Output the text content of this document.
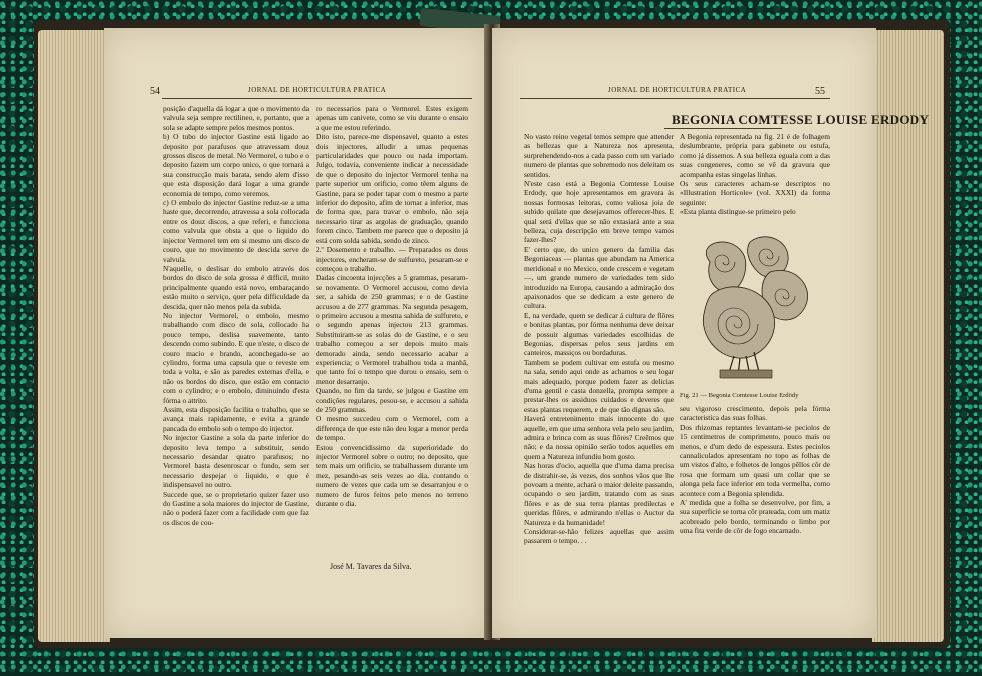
54	JORNAL DE HORTICULTURA PRATICA

posição d'aquella dá logar a que o movimento da valvula seja sempre rectilineo, e, portanto, que a sola se adapte sempre pelos mesmos pontos.

b) O tubo do injector Gastine está ligado ao deposito por parafusos que atravessam douz grossos discos de metal. No Vermorel, o tubo e o deposito fazem um corpo unico, o que tornará a sua construcção mais barata, sendo alem d'isso que esta disposição dará logar a uma grande economia de tempo, como veremos.

c) O embolo do injector Gastine reduz-se a uma haste que, decorrendo, atravessa a sola collocada entre os douz discos, a que referi, e funcciona como valvula que obsta a que o liquido do injector Vermorel tem em si mesmo um disco de couro, que no movimento de descida serve de valvula.

N'aquelle, o deslisar do embolo através dos bordos do disco de sola grossa é difficil, muito principalmente quando está novo, embaraçando estão muito o serviço, quer pela difficuldade da descida, quer não menos pela da subida.

No injector Vermorel, o embolo, mesmo trabalhando com disco de sola, collocado ha pouco tempo, deslisa suavemente, tanto descendo como subindo. E que n'este, o disco de couro macio e brando, aconchegado-se ao cylindro, forma uma capsula que o reveste em toda a volta, e são as paredes externas d'ella, e não os bordos do disco, que estão em contacto com o cylindro; e o embolo, diminuindo d'esta fórma o attrito.

Assim, esta disposição facilita o trabalho, que se avança mais rapidamente, e evita a grande pancada do embolo sob o tempo do injector.

No injector Gastine a sola da parte inferior do deposito leva tempo a substituir, sendo necessario desandar quatro parafusos; no Vermorel basta desenroscar o fundo, sem ser necessario despejar o liquido, e que é indispensavel no outro.

Succede que, se o proprietario quizer fazer uso do Gastine a sola maiores do injector de Gastine, não o poderá fazer com a facilidade com que faz os discos de cou-

ro necessarios para o Vermorel. Estes exigem apenas um canivete, como se viu durante o ensaio a que me estou referindo.

Dito isto, parece-me dispensavel, quanto a estes dois injectores, alludir a umas pequenas particularidades que pouco ou nada importam. Julgo, todavia, conveniente indicar a necessidade de que o deposito do injector Vermorel tenha na parte superior um orificio, como têem alguns de Gastine, para se poder tapar com o mesmo a parte inferior do deposito, afim de tornar a inferior, mas de forma que, para travar o embolo, não seja necessario tirar as argolas de graduação, quando forem cinco. Tambem me parece que o deposito já está com solda sabida, sendo de zinco.

2.º Dosemento e trabalho. — Preparados os dous injectores, encheram-se de sulfureto, pesaram-se e começou o trabalho.

Dadas cincoenta injecções a 5 grammas, pesaram-se novamente. O Vermorel accusou, como devia ser, a sahida de 250 grammas; e o de Gastine accusou a de 277 grammas. Na segunda pesagem, o primeiro accusou a mesma sahida de sulfureto, e o segundo apenas injectou 213 grammas. Substituiram-se as solas do de Gastine, e o seu trabalho começou a ser depois muito mais demorado ainda, sendo necessario acabar a experiencia; o Vermorel trabalhou toda a manhã, que tanto foi o tempo que durou o ensaio, sem o menor desarranjo.

Quando, no fim da tarde, se julgou e Gastine em condições regulares, pesou-se, e accusou a sahida de 250 grammas.

O mesmo succedeu com o Vermorel, com a differença de que este não deu logar a menor perda de tempo.

Estou convencidissimo da superioridade do injector Vermorel sobre o outro; no deposito, que tem mais um orificio, se trabalhassem durante um mez, pesando-as seis vezes ao dia, contando o numero de vezes que cada um se desarranjou e o numero de furos feitos pelo menos no terreno durante o dia.

José M. Tavares da Silva.
JORNAL DE HORTICULTURA PRATICA	55
BEGONIA COMTESSE LOUISE ERDODY

No vasto reino vegetal temos sempre que attender as bellezas que a Natureza nos apresenta, surprehendendo-nos a cada passo com um variado numero de plantas que sobremodo nos deleitam os sentidos.

N'este caso está a Begonia Comtesse Louise Erdody, que hoje apresentamos em gravura ás nossas formosas leitoras, como valiosa joia de subido quilate que desejavamos offerecer-lhes. E qual será d'ellas que se não extasiará ante a sua belleza, cuja descripção em breve tempo vamos fazer-lhes?

E' certo que, do unico genero da familia das Begoniaceas — plantas que abundam na America meridional e no Mexico, onde crescem e vegetam —, um grande numero de variedades tem sido introduzido na Europa, causando a admiração dos apaixonados que se dedicam a este genero de cultura.

E, na verdade, quem se dedicar á cultura de flôres e bonitas plantas, por fórma nenhuma deve deixar de possuir algumas variedades escolhidas de Begonias, dispersas pelos seus jardins em canteiros, massiços ou bordaduras.

Tambem se podem cultivar em estufa ou mesmo na sala, sendo aqui onde as achamos o seu logar mais adequado, porque podem fazer as delicias d'uma gentil e casta donzella, prompta sempre a prestar-lhes os assiduos cuidados e deveres que estas plantas requerem, e de que tão dignas são.

Haverá entretenimento mais innocente do que aquelle, em que uma senhora vela pelo seu jardim, admira e brinca com as suas flôres? Creêmos que não; e da nossa opinião serão todos aquelles em quem a Natureza infundiu bom gosto.

Nas horas d'ocio, aquella que d'uma dama precisa de distrahir-se, ás vezes, dos sonhos vãos que lhe povoam a mente, achará o maior deleite passando, ocupando o seu jardim, tratando com as suas flôres e as de sua terra plantas predilectas e queridas flôres, e admirando n'ellas o Auctor da Natureza e da humanidade!

Considerar-se-hão felizes aquellas que assim passarem o tempo. . .

A Begonia representada na fig. 21 é de folhagem deslumbrante, própria para gabinete ou estufa, como já dissemos. A sua belleza eguala com a das suas congeneres, como se vê da gravura que acompanha estas singelas linhas.

Os seus caracteres acham-se descriptos no «Illustration Horticole» (vol. XXXI) da forma seguinte:

«Esta planta distingue-se primeiro pelo

Fig. 21 — Begonia Comtesse Louise Erdödy

seu vigoroso crescimento, depois pela fórma caracteristica das suas folhas.

Dos rhizomas reptantes levantam-se peciolos de 15 centimetros de comprimento, pouco mais ou menos, e d'um dedo de espessura. Estes peciolos cannaliculados apresentam no topo as folhas de um vistos d'alto, e folhetos de longos pêllos côr de rosa que formam um quasi um collar que se alonga pela face inferior em toda vermelha, como acontece com a Begonia splendida.

A' medida que a folha se desenvolve, por fim, a sua superficie se torna côr prateada, com um matiz acobreado pelo bordo, terminando o limbo por uma fita verde de côr de fogo encarnado.
